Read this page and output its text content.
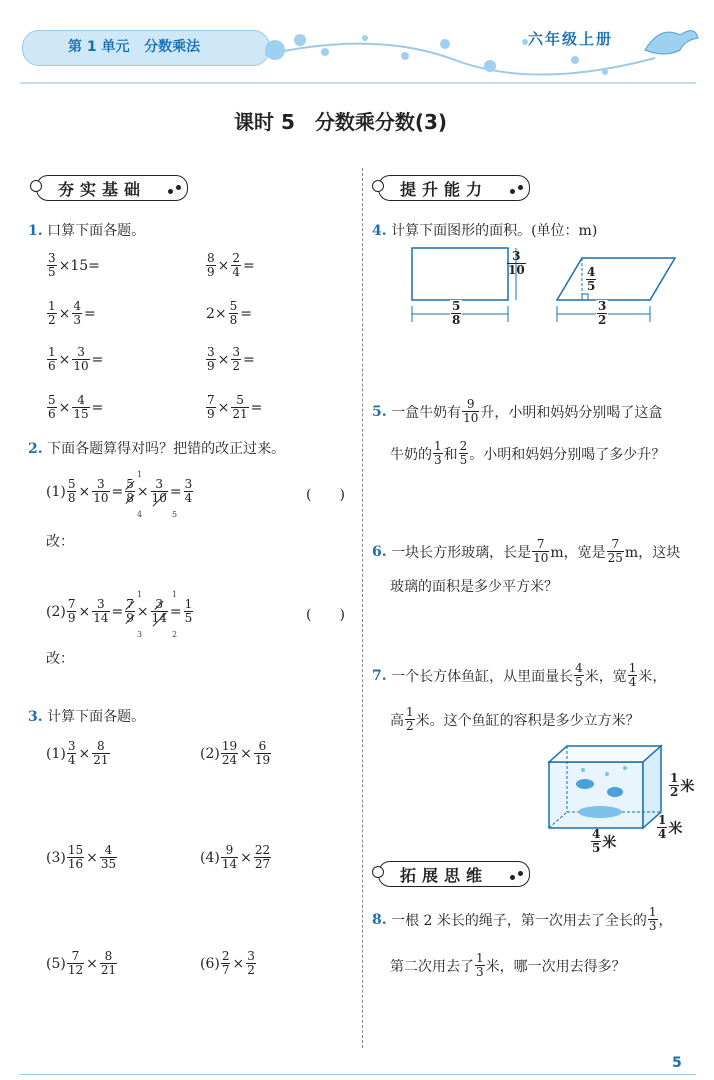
第 1 单元 分数乘法	六年级上册
课时 5　分数乘分数(3)
夯实基础
1. 口算下面各题。
$\frac{3}{5} \times 15=$	$\frac{8}{9} \times \frac{2}{4}$ =
$\frac{1}{2} \times \frac{4}{3}$ =	$2\times \frac{5}{8}$ =
$\frac{1}{6} \times \frac{3}{10}$ =	$\frac{3}{9} \times \frac{3}{2}$ =
$\frac{5}{6} \times \frac{4}{15}$ =	$\frac{7}{9} \times \frac{5}{21}$ =
2. 下面各题算得对吗？把错的改正过来。
$(1) \frac{5}{8} \times \frac{3}{10} = \frac{5}{8} \times \frac{3}{10} = \frac{3}{4}$
1
4	5
(　　)
改：
$(2) \frac{7}{9} \times \frac{3}{14} = \frac{7}{9} \times \frac{3}{14} = \frac{1}{5}$
1	1
3	2
(　　)
改：
3. 计算下面各题。
$(1) \frac{3}{4} \times \frac{8}{21}$	$(2) \frac{19}{24} \times \frac{6}{19}$
$(3) \frac{15}{16} \times \frac{4}{35}$	$(4) \frac{9}{14} \times \frac{22}{27}$
$(5) \frac{7}{12} \times \frac{8}{21}$	$(6) \frac{2}{7} \times \frac{3}{2}$
提升能力
4. 计算下面图形的面积。(单位：m)
$\frac{3}{10}$
$\frac{5}{8}$
$\frac{4}{5}$
$\frac{3}{2}$
5.
一盒牛奶有 $\frac{9}{10}$ 升，小明和妈妈分别喝了这盒
牛奶的 $\frac{1}{3}$ 和 $\frac{2}{5}$ 。小明和妈妈分别喝了多少升？
6.
一块长方形玻璃，长是 $\frac{7}{10}$ m，宽是 $\frac{7}{25}$ m，这块
玻璃的面积是多少平方米？
7.
一个长方体鱼缸，从里面量长 $\frac{4}{5}$ 米，宽 $\frac{1}{4}$ 米，
高 $\frac{1}{2}$ 米。这个鱼缸的容积是多少立方米？
$\frac{1}{2}$ 米
$\frac{1}{4}$ 米
$\frac{4}{5}$ 米
拓展思维
8.
一根 2 米长的绳子，第一次用去了全长的 $\frac{1}{3}$ ，
第二次用去了 $\frac{1}{3}$ 米，哪一次用去得多？
5
